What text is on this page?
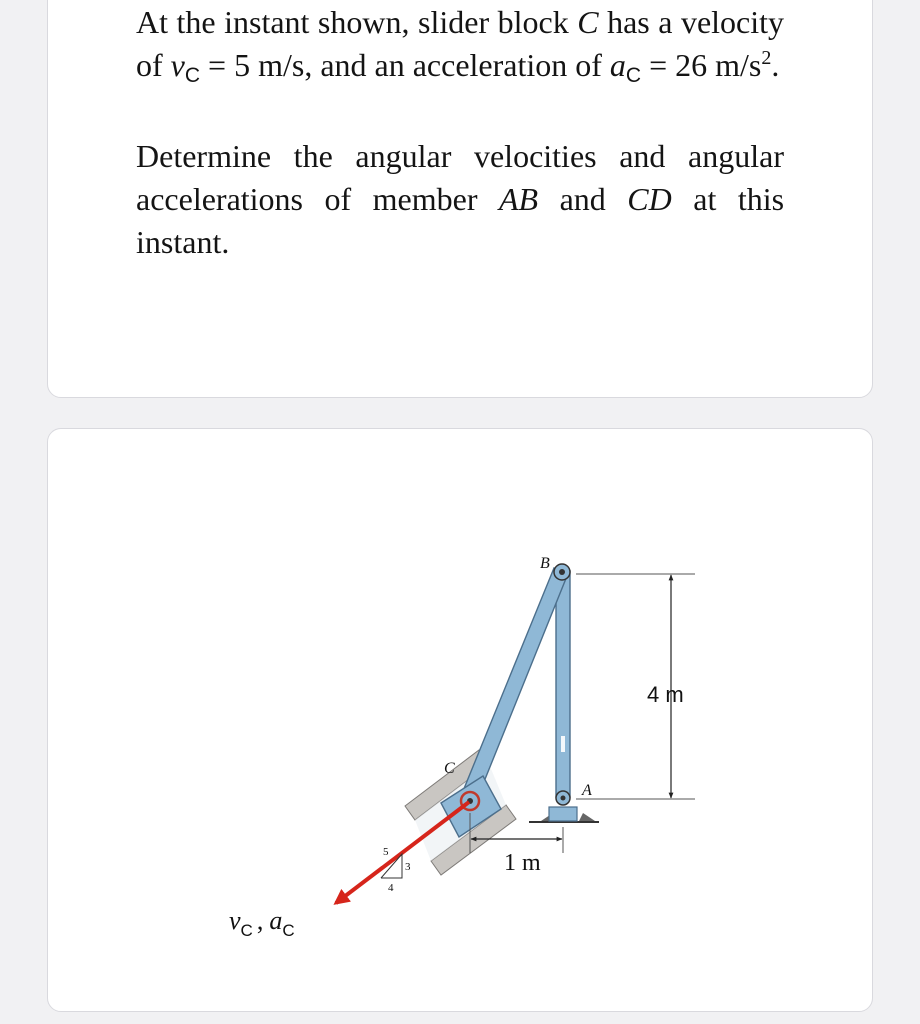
At the instant shown, slider block C has a velocity of vC = 5 m/s, and an acceleration of aC = 26 $m/s^2$.

Determine the angular velocities and angular accelerations of member AB and CD at this instant.

B
C
A
4 m
1 m
5
4
3
$v_C$ , $a_C$
